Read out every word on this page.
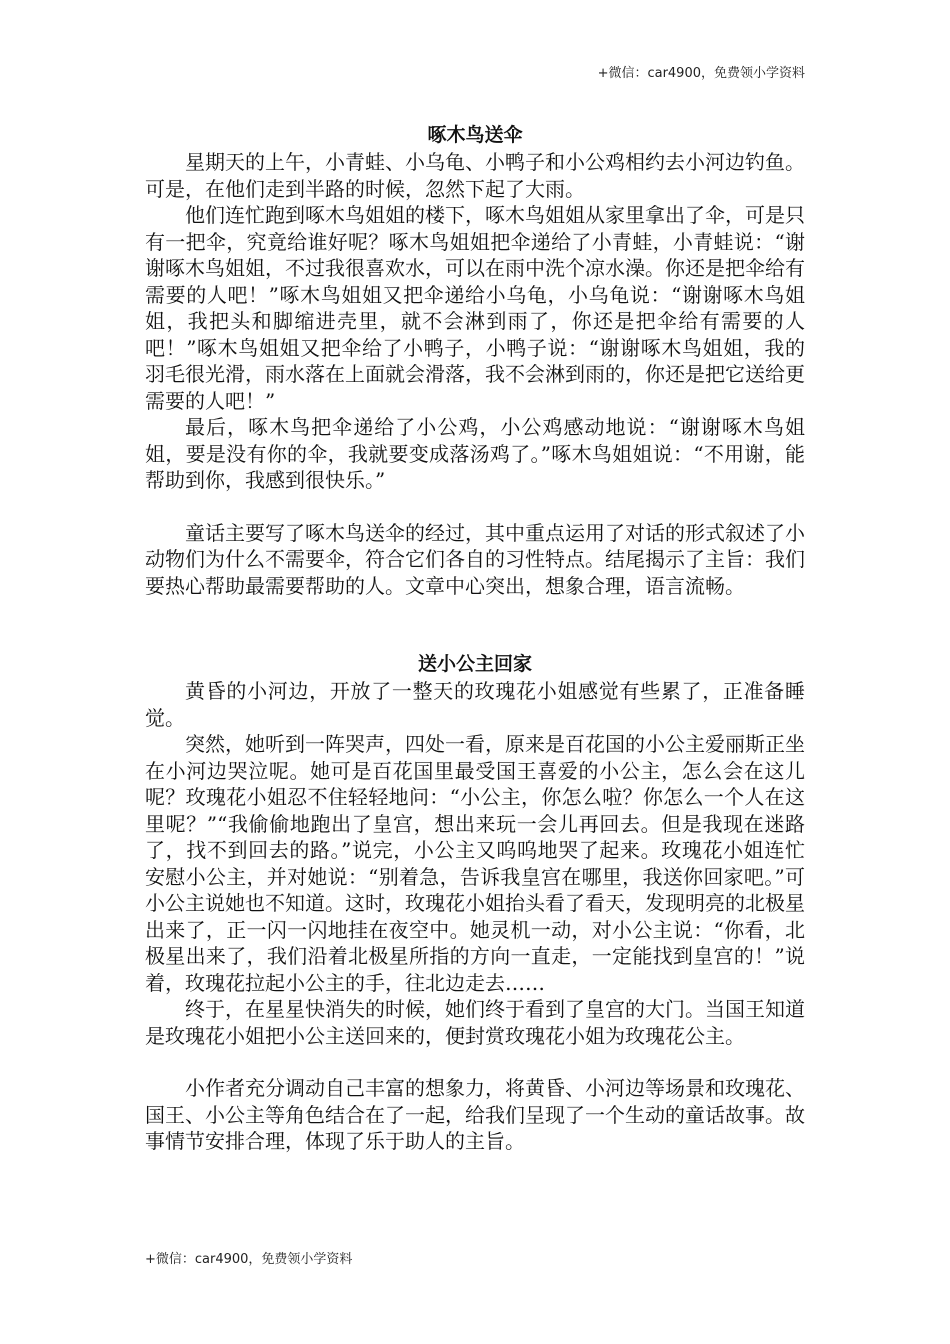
+微信：car4900，免费领小学资料
啄木鸟送伞

星期天的上午，小青蛙、小乌龟、小鸭子和小公鸡相约去小河边钓鱼。可是，在他们走到半路的时候，忽然下起了大雨。

他们连忙跑到啄木鸟姐姐的楼下，啄木鸟姐姐从家里拿出了伞，可是只有一把伞，究竟给谁好呢？啄木鸟姐姐把伞递给了小青蛙，小青蛙说：“谢谢啄木鸟姐姐，不过我很喜欢水，可以在雨中洗个凉水澡。你还是把伞给有需要的人吧！”啄木鸟姐姐又把伞递给小乌龟，小乌龟说：“谢谢啄木鸟姐姐，我把头和脚缩进壳里，就不会淋到雨了，你还是把伞给有需要的人吧！”啄木鸟姐姐又把伞给了小鸭子，小鸭子说：“谢谢啄木鸟姐姐，我的羽毛很光滑，雨水落在上面就会滑落，我不会淋到雨的，你还是把它送给更需要的人吧！”

最后，啄木鸟把伞递给了小公鸡，小公鸡感动地说：“谢谢啄木鸟姐姐，要是没有你的伞，我就要变成落汤鸡了。”啄木鸟姐姐说：“不用谢，能帮助到你，我感到很快乐。”

童话主要写了啄木鸟送伞的经过，其中重点运用了对话的形式叙述了小动物们为什么不需要伞，符合它们各自的习性特点。结尾揭示了主旨：我们要热心帮助最需要帮助的人。文章中心突出，想象合理，语言流畅。

送小公主回家

黄昏的小河边，开放了一整天的玫瑰花小姐感觉有些累了，正准备睡觉。

突然，她听到一阵哭声，四处一看，原来是百花国的小公主爱丽斯正坐在小河边哭泣呢。她可是百花国里最受国王喜爱的小公主，怎么会在这儿呢？玫瑰花小姐忍不住轻轻地问：“小公主，你怎么啦？你怎么一个人在这里呢？”“我偷偷地跑出了皇宫，想出来玩一会儿再回去。但是我现在迷路了，找不到回去的路。”说完，小公主又呜呜地哭了起来。玫瑰花小姐连忙安慰小公主，并对她说：“别着急，告诉我皇宫在哪里，我送你回家吧。”可小公主说她也不知道。这时，玫瑰花小姐抬头看了看天，发现明亮的北极星出来了，正一闪一闪地挂在夜空中。她灵机一动，对小公主说：“你看，北极星出来了，我们沿着北极星所指的方向一直走，一定能找到皇宫的！”说着，玫瑰花拉起小公主的手，往北边走去……

终于，在星星快消失的时候，她们终于看到了皇宫的大门。当国王知道是玫瑰花小姐把小公主送回来的，便封赏玫瑰花小姐为玫瑰花公主。

小作者充分调动自己丰富的想象力，将黄昏、小河边等场景和玫瑰花、国王、小公主等角色结合在了一起，给我们呈现了一个生动的童话故事。故事情节安排合理，体现了乐于助人的主旨。

+微信：car4900，免费领小学资料
